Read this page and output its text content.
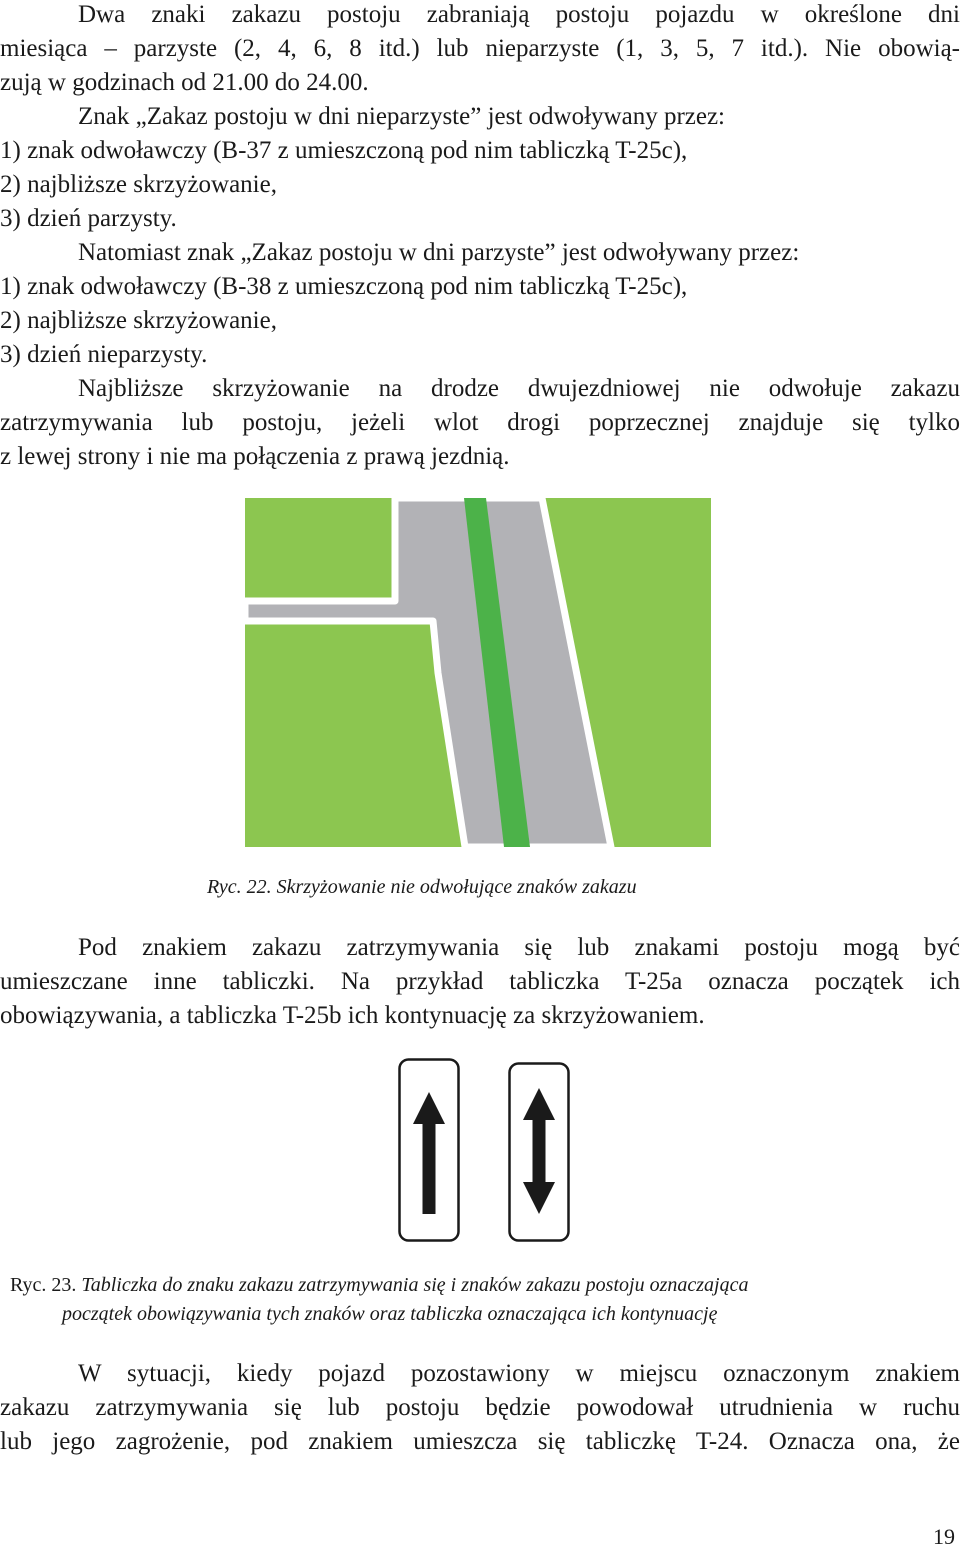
Dwa znaki zakazu postoju zabraniają postoju pojazdu w określone dni
miesiąca – parzyste (2, 4, 6, 8 itd.) lub nieparzyste (1, 3, 5, 7 itd.). Nie obowią-
zują w godzinach od 21.00 do 24.00.
Znak „Zakaz postoju w dni nieparzyste” jest odwoływany przez:
1) znak odwoławczy (B-37 z umieszczoną pod nim tabliczką T-25c),
2) najbliższe skrzyżowanie,
3) dzień parzysty.
Natomiast znak „Zakaz postoju w dni parzyste” jest odwoływany przez:
1) znak odwoławczy (B-38 z umieszczoną pod nim tabliczką T-25c),
2) najbliższe skrzyżowanie,
3) dzień nieparzysty.
Najbliższe skrzyżowanie na drodze dwujezdniowej nie odwołuje zakazu
zatrzymywania lub postoju, jeżeli wlot drogi poprzecznej znajduje się tylko
z lewej strony i nie ma połączenia z prawą jezdnią.
Ryc. 22. Skrzyżowanie nie odwołujące znaków zakazu
Pod znakiem zakazu zatrzymywania się lub znakami postoju mogą być
umieszczane inne tabliczki. Na przykład tabliczka T-25a oznacza początek ich
obowiązywania, a tabliczka T-25b ich kontynuację za skrzyżowaniem.
Ryc. 23. Tabliczka do znaku zakazu zatrzymywania się i znaków zakazu postoju oznaczająca
początek obowiązywania tych znaków oraz tabliczka oznaczająca ich kontynuację
W sytuacji, kiedy pojazd pozostawiony w miejscu oznaczonym znakiem
zakazu zatrzymywania się lub postoju będzie powodował utrudnienia w ruchu
lub jego zagrożenie, pod znakiem umieszcza się tabliczkę T-24. Oznacza ona, że
19
